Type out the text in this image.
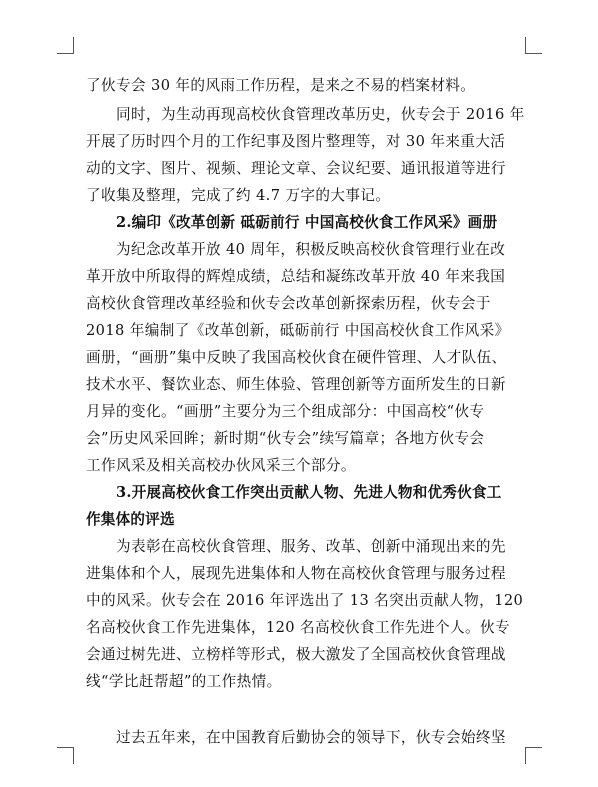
了伙专会 30 年的风雨工作历程，是来之不易的档案材料。
同时，为生动再现高校伙食管理改革历史，伙专会于 2016 年
开展了历时四个月的工作纪事及图片整理等，对 30 年来重大活
动的文字、图片、视频、理论文章、会议纪要、通讯报道等进行
了收集及整理，完成了约 4.7 万字的大事记。
2.编印《改革创新 砥砺前行 中国高校伙食工作风采》画册
为纪念改革开放 40 周年，积极反映高校伙食管理行业在改
革开放中所取得的辉煌成绩，总结和凝练改革开放 40 年来我国
高校伙食管理改革经验和伙专会改革创新探索历程，伙专会于
2018 年编制了《改革创新，砥砺前行 中国高校伙食工作风采》
画册，“画册”集中反映了我国高校伙食在硬件管理、人才队伍、
技术水平、餐饮业态、师生体验、管理创新等方面所发生的日新
月异的变化。“画册”主要分为三个组成部分：中国高校“伙专
会”历史风采回眸；新时期“伙专会”续写篇章；各地方伙专会
工作风采及相关高校办伙风采三个部分。
3.开展高校伙食工作突出贡献人物、先进人物和优秀伙食工
作集体的评选
为表彰在高校伙食管理、服务、改革、创新中涌现出来的先
进集体和个人，展现先进集体和人物在高校伙食管理与服务过程
中的风采。伙专会在 2016 年评选出了 13 名突出贡献人物，120
名高校伙食工作先进集体，120 名高校伙食工作先进个人。伙专
会通过树先进、立榜样等形式，极大激发了全国高校伙食管理战
线“学比赶帮超”的工作热情。
过去五年来，在中国教育后勤协会的领导下，伙专会始终坚
